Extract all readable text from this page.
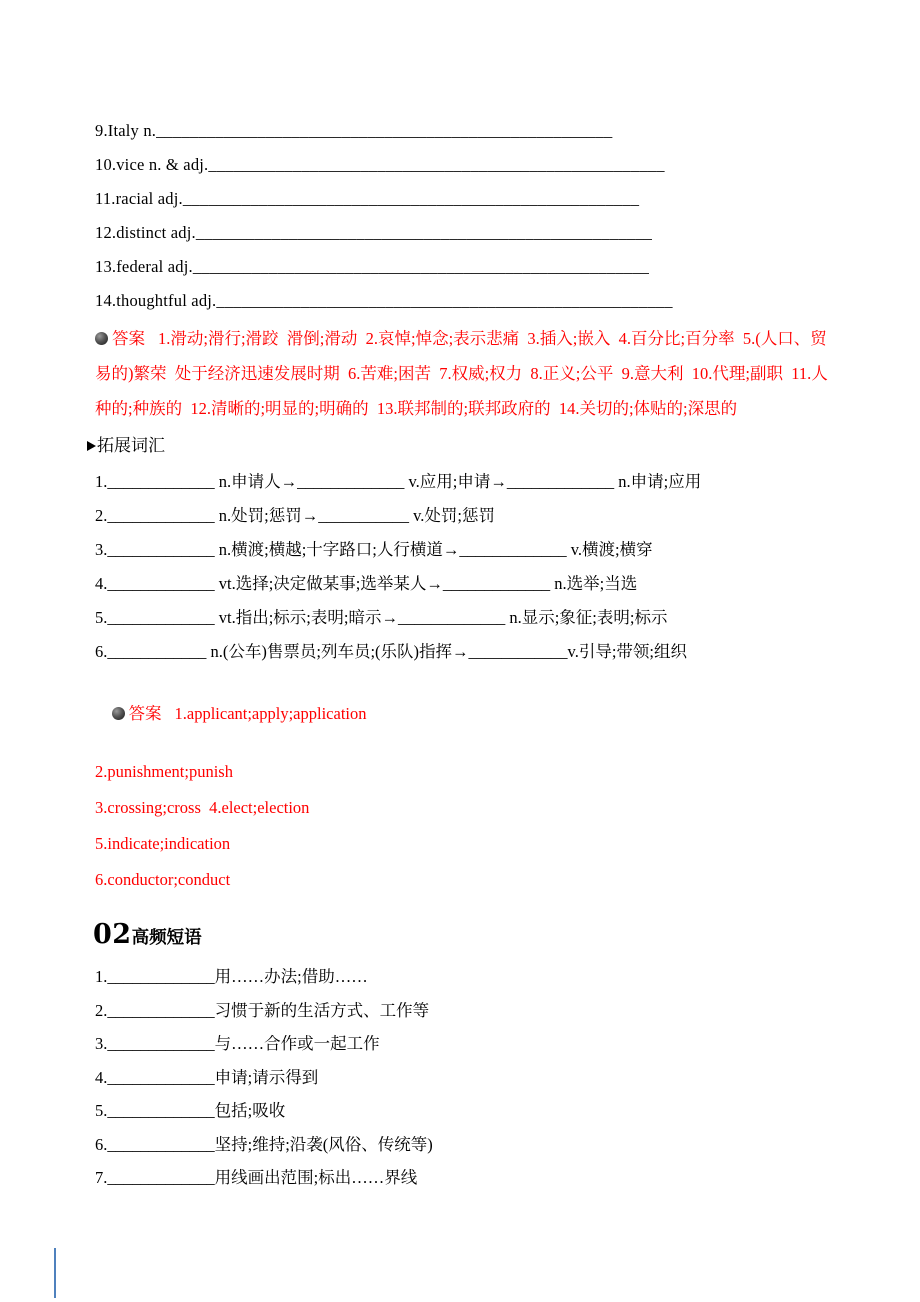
9.Italy n.______________________________________________________
10.vice n. & adj.______________________________________________________
11.racial adj.______________________________________________________
12.distinct adj.______________________________________________________
13.federal adj.______________________________________________________
14.thoughtful adj.______________________________________________________

答案 1.滑动;滑行;滑跤  滑倒;滑动  2.哀悼;悼念;表示悲痛  3.插入;嵌入  4.百分比;百分率  5.(人口、贸易的)繁荣  处于经济迅速发展时期  6.苦难;困苦  7.权威;权力  8.正义;公平  9.意大利  10.代理;副职  11.人种的;种族的  12.清晰的;明显的;明确的  13.联邦制的;联邦政府的  14.关切的;体贴的;深思的

拓展词汇
1._____________ n.申请人→_____________ v.应用;申请→_____________ n.申请;应用
2._____________ n.处罚;惩罚→___________ v.处罚;惩罚
3._____________ n.横渡;横越;十字路口;人行横道→_____________ v.横渡;横穿
4._____________ vt.选择;决定做某事;选举某人→_____________ n.选举;当选
5._____________ vt.指出;标示;表明;暗示→_____________ n.显示;象征;表明;标示
6.____________ n.(公车)售票员;列车员;(乐队)指挥→____________v.引导;带领;组织

答案 1.applicant;apply;application

2.punishment;punish

3.crossing;cross  4.elect;election

5.indicate;indication

6.conductor;conduct

02高频短语
1._____________用……办法;借助……
2._____________习惯于新的生活方式、工作等
3._____________与……合作或一起工作
4._____________申请;请示得到
5._____________包括;吸收
6._____________坚持;维持;沿袭(风俗、传统等)
7._____________用线画出范围;标出……界线
